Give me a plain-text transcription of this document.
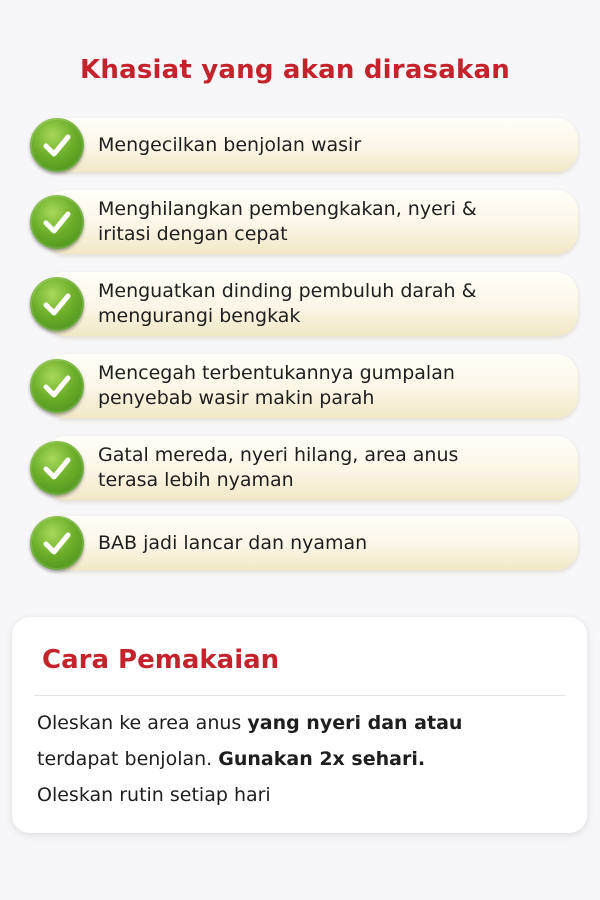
Khasiat yang akan dirasakan
Mengecilkan benjolan wasir
Menghilangkan pembengkakan, nyeri &
iritasi dengan cepat
Menguatkan dinding pembuluh darah &
mengurangi bengkak
Mencegah terbentukannya gumpalan
penyebab wasir makin parah
Gatal mereda, nyeri hilang, area anus
terasa lebih nyaman
BAB jadi lancar dan nyaman
Cara Pemakaian
Oleskan ke area anus yang nyeri dan atau
terdapat benjolan. Gunakan 2x sehari.
Oleskan rutin setiap hari
